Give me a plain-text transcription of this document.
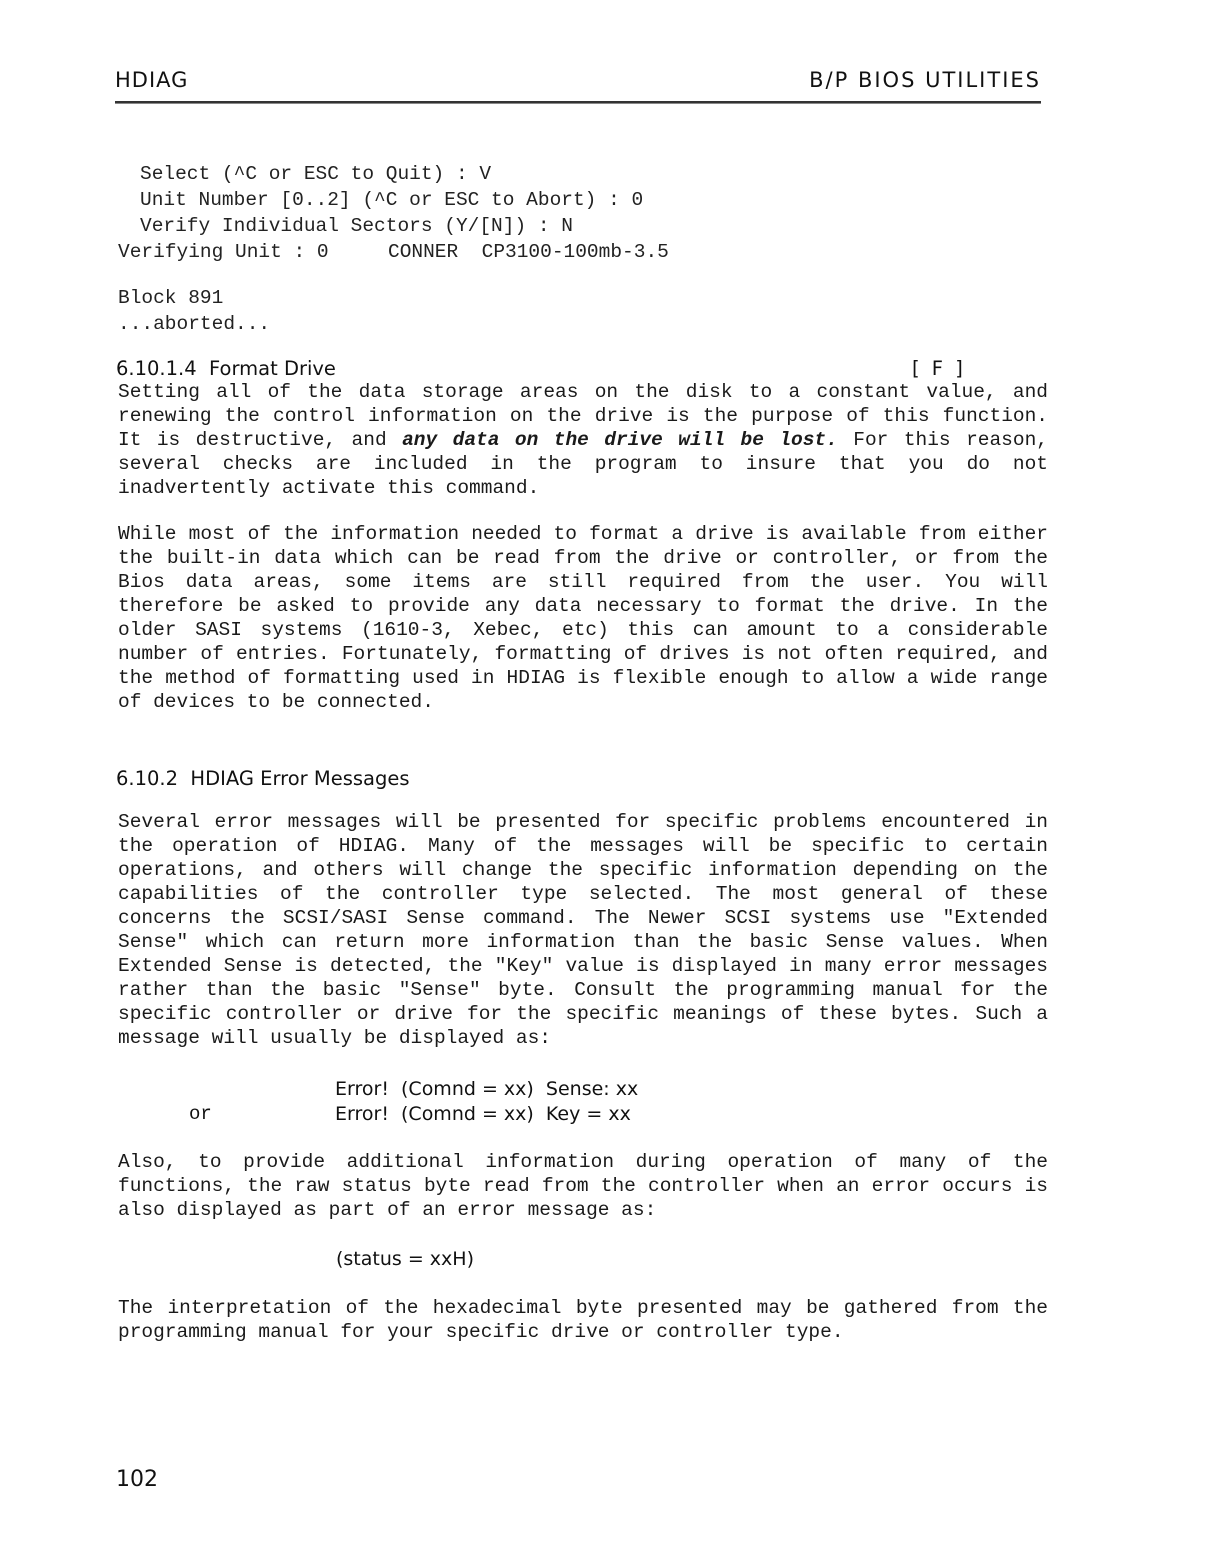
HDIAG	B/P BIOS UTILITIES
Select (^C or ESC to Quit) : V
Unit Number [0..2] (^C or ESC to Abort) : 0
Verify Individual Sectors (Y/[N]) : N
Verifying Unit : 0	CONNER  CP3100-100mb-3.5
Block 891
...aborted...
6.10.1.4  Format Drive	[ F ]

Setting all of the data storage areas on the disk to a constant value, and renewing the control information on the drive is the purpose of this function. It is destructive, and any data on the drive will be lost. For this reason, several checks are included in the program to insure that you do not inadvertently activate this command.

While most of the information needed to format a drive is available from either the built-in data which can be read from the drive or controller, or from the Bios data areas, some items are still required from the user. You will therefore be asked to provide any data necessary to format the drive. In the older SASI systems (1610-3, Xebec, etc) this can amount to a considerable number of entries. Fortunately, formatting of drives is not often required, and the method of formatting used in HDIAG is flexible enough to allow a wide range of devices to be connected.

6.10.2  HDIAG Error Messages

Several error messages will be presented for specific problems encountered in the operation of HDIAG. Many of the messages will be specific to certain operations, and others will change the specific information depending on the capabilities of the controller type selected. The most general of these concerns the SCSI/SASI Sense command. The Newer SCSI systems use "Extended Sense" which can return more information than the basic Sense values. When Extended Sense is detected, the "Key" value is displayed in many error messages rather than the basic "Sense" byte. Consult the programming manual for the specific controller or drive for the specific meanings of these bytes. Such a message will usually be displayed as:

Error!  (Comnd = xx)  Sense: xx
or	Error!  (Comnd = xx)  Key = xx

Also, to provide additional information during operation of many of the functions, the raw status byte read from the controller when an error occurs is also displayed as part of an error message as:

(status = xxH)

The interpretation of the hexadecimal byte presented may be gathered from the programming manual for your specific drive or controller type.

102
